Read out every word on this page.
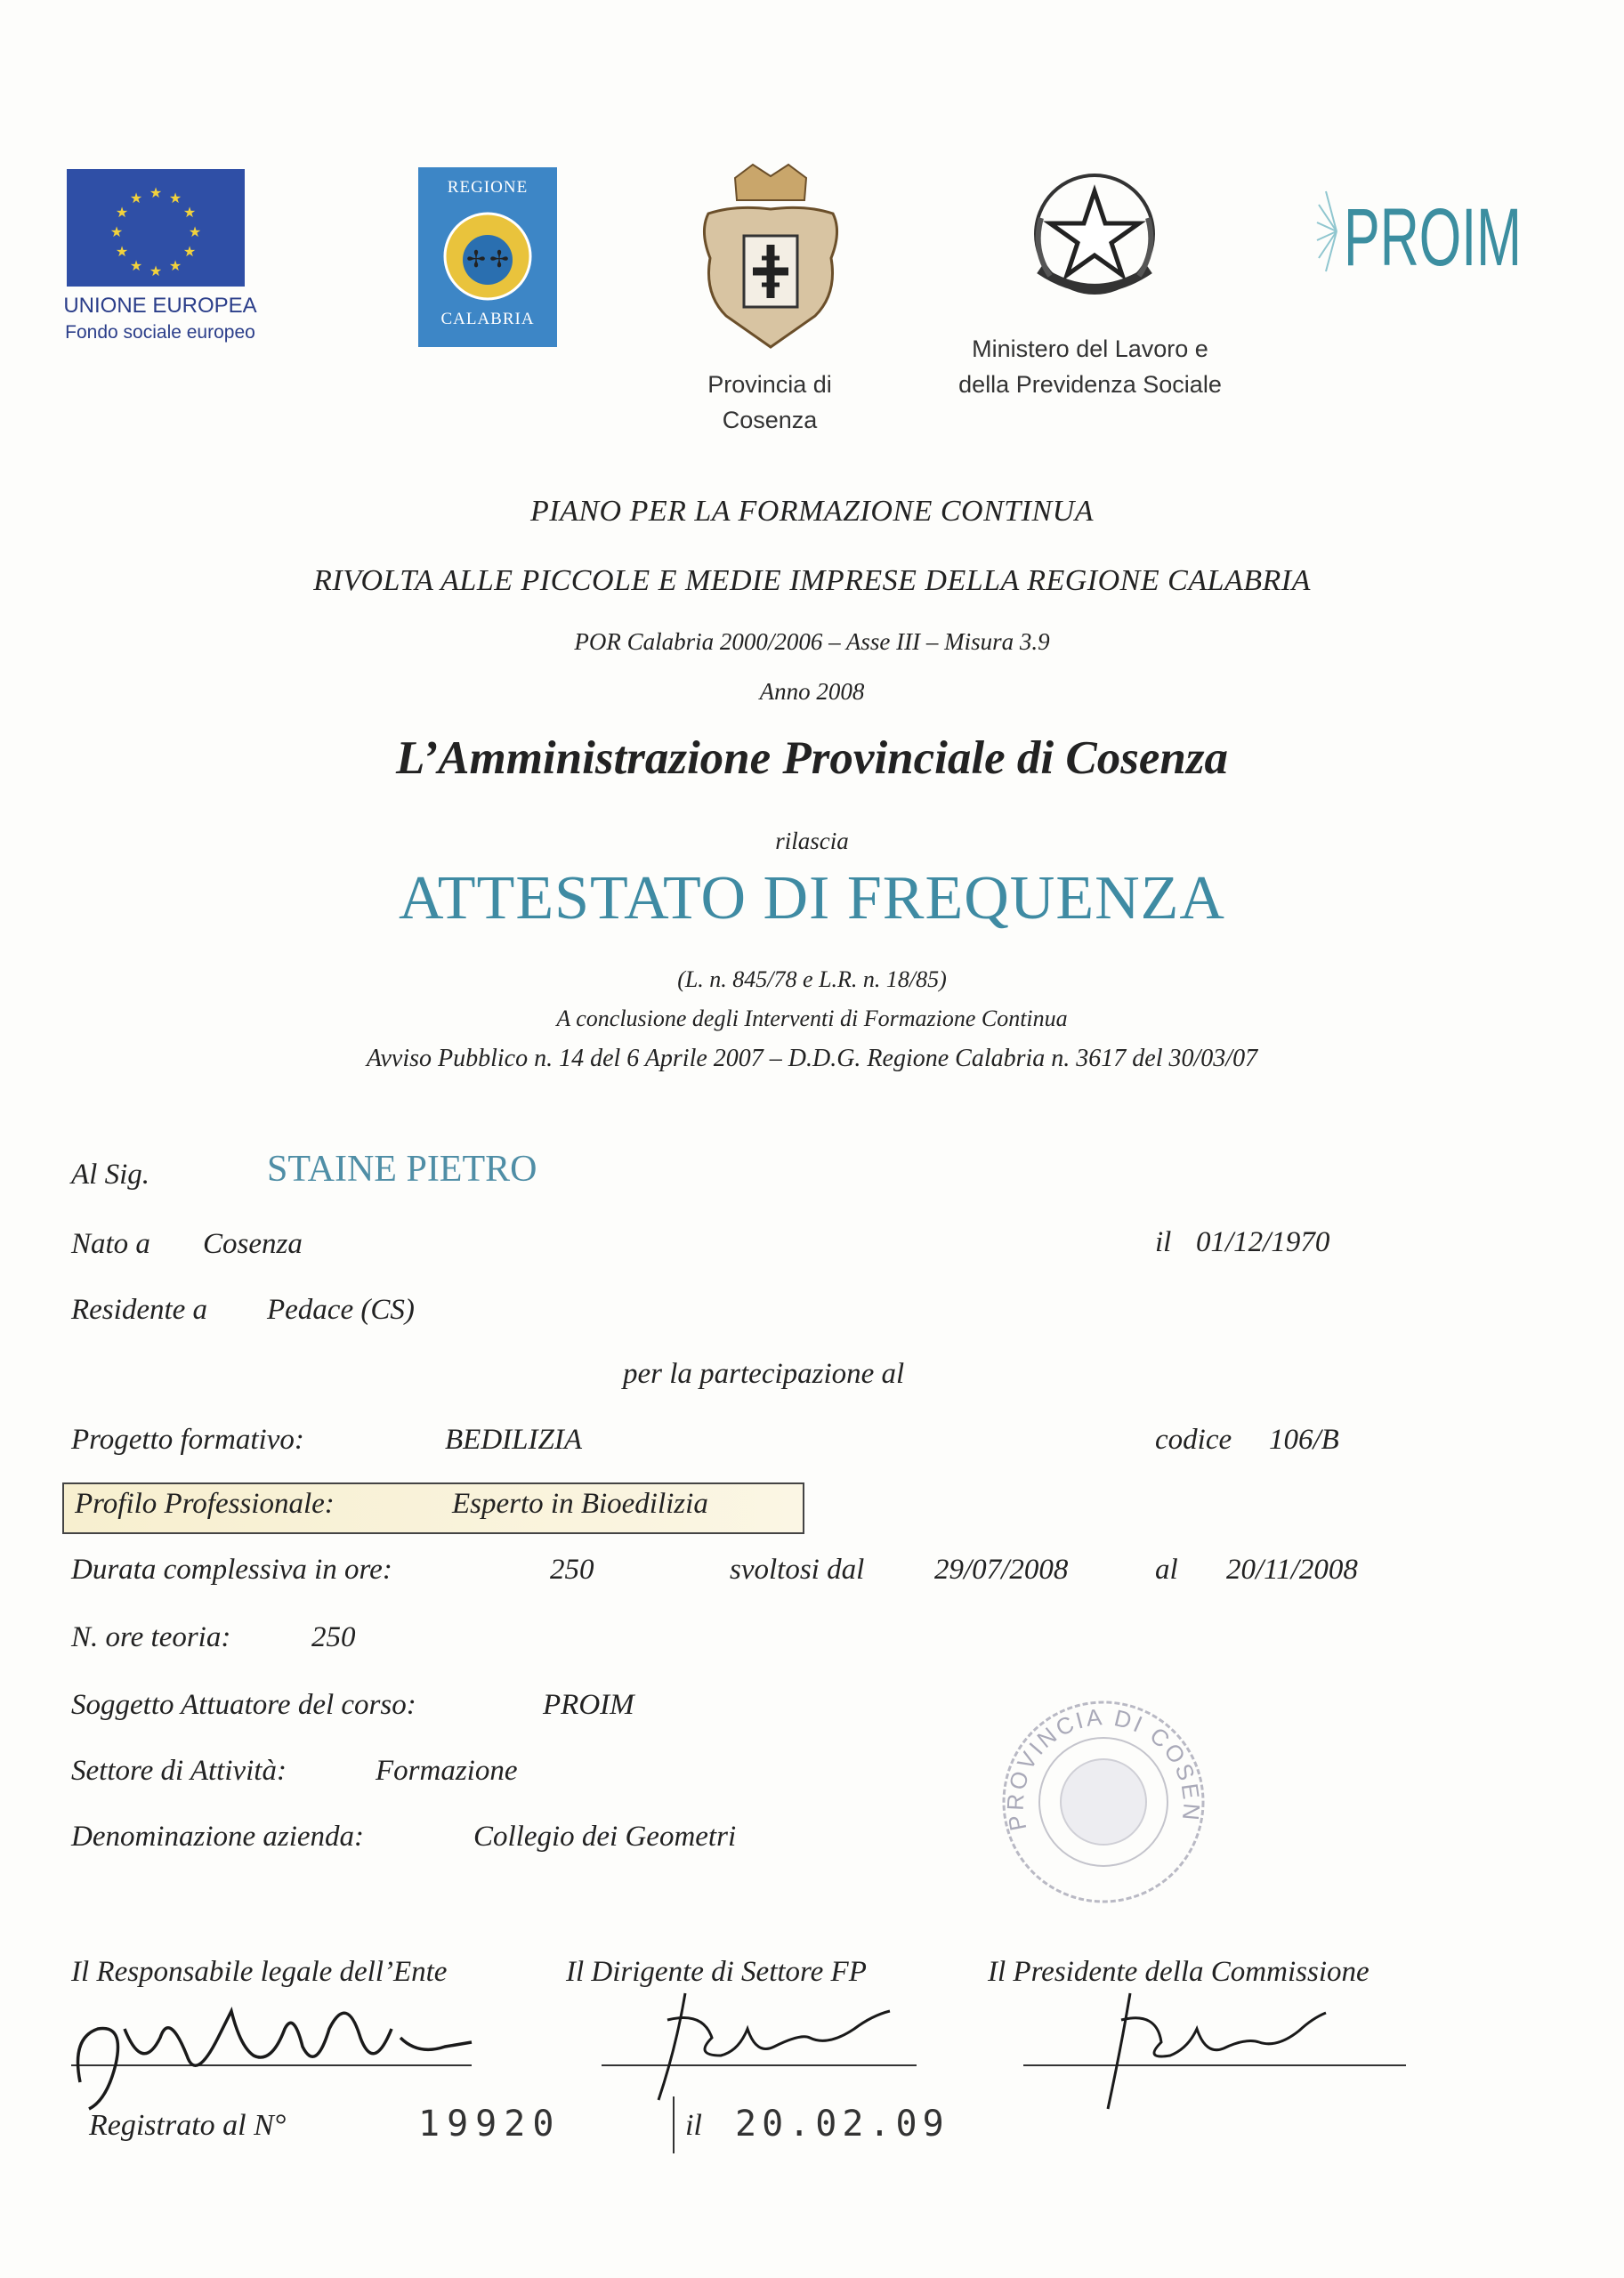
★ ★
★
★
★
★
★
★
★
★
★
★
UNIONE EUROPEA
Fondo sociale europeo
REGIONE
✢ ✢
CALABRIA
Provincia di
Cosenza
Ministero del Lavoro e
della Previdenza Sociale
PROIM
PIANO PER LA FORMAZIONE CONTINUA
RIVOLTA ALLE PICCOLE E MEDIE IMPRESE DELLA REGIONE CALABRIA
POR Calabria 2000/2006 – Asse III – Misura 3.9
Anno 2008
L’Amministrazione Provinciale di Cosenza
rilascia
ATTESTATO DI FREQUENZA
(L. n. 845/78 e L.R. n. 18/85)
A conclusione degli Interventi di Formazione Continua
Avviso Pubblico n. 14 del 6 Aprile 2007 – D.D.G. Regione Calabria n. 3617 del 30/03/07
Al Sig.	STAINE PIETRO
Nato a Cosenza	il 01/12/1970
Residente a Pedace (CS)
per la partecipazione al
Progetto formativo:	BEDILIZIA	codice 106/B
Profilo Professionale:	Esperto in Bioedilizia
Durata complessiva in ore:	250	svoltosi dal 29/07/2008	al 20/11/2008
N. ore teoria:	250
Soggetto Attuatore del corso:	PROIM
Settore di Attività:	Formazione
Denominazione azienda:	Collegio dei Geometri	PROVINCIA DI COSEN
Il Responsabile legale dell’Ente	Il Dirigente di Settore FP	Il Presidente della Commissione
Registrato al N°	19920	il 20.02.09
